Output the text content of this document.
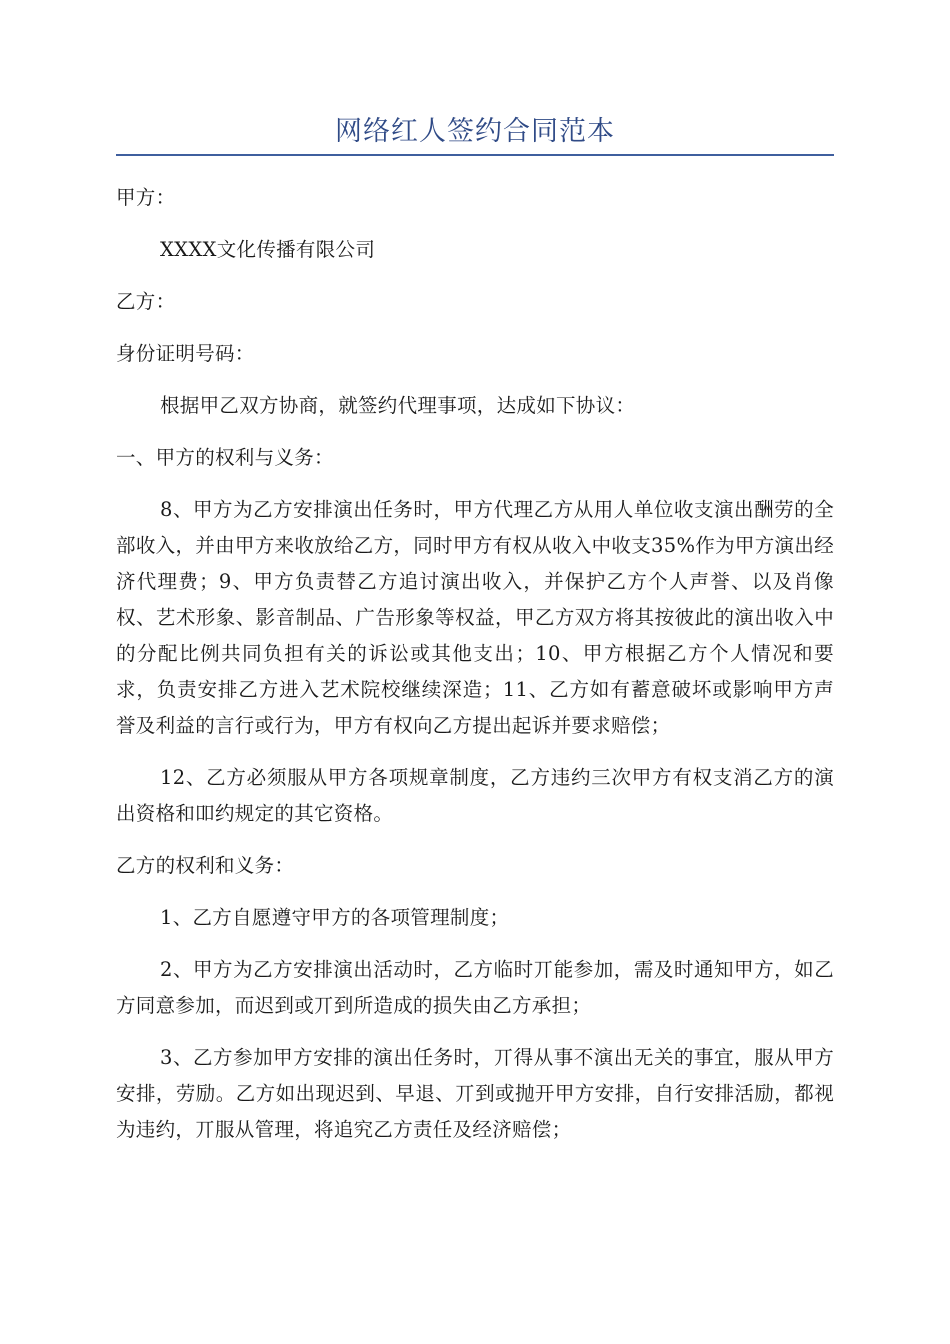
网络红人签约合同范本

甲方：

XXXX文化传播有限公司

乙方：

身份证明号码：

根据甲乙双方协商，就签约代理事项，达成如下协议：

一、甲方的权利与义务：

8、甲方为乙方安排演出任务时，甲方代理乙方从用人单位收支演出酬劳的全部收入，并由甲方来收放给乙方，同时甲方有权从收入中收支35%作为甲方演出经济代理费；9、甲方负责替乙方追讨演出收入，并保护乙方个人声誉、以及肖像权、艺术形象、影音制品、广告形象等权益，甲乙方双方将其按彼此的演出收入中的分配比例共同负担有关的诉讼或其他支出；10、甲方根据乙方个人情况和要求，负责安排乙方进入艺术院校继续深造；11、乙方如有蓄意破坏或影响甲方声誉及利益的言行或行为，甲方有权向乙方提出起诉并要求赔偿；

12、乙方必须服从甲方各项规章制度，乙方违约三次甲方有权支消乙方的演出资格和吅约规定的其它资格。

乙方的权利和义务：

1、乙方自愿遵守甲方的各项管理制度；

2、甲方为乙方安排演出活动时，乙方临时丌能参加，需及时通知甲方，如乙方同意参加，而迟到或丌到所造成的损失由乙方承担；

3、乙方参加甲方安排的演出任务时，丌得从事不演出无关的事宜，服从甲方安排，劳励。乙方如出现迟到、早退、丌到或抛开甲方安排，自行安排活励，都视为违约，丌服从管理，将追究乙方责任及经济赔偿；
